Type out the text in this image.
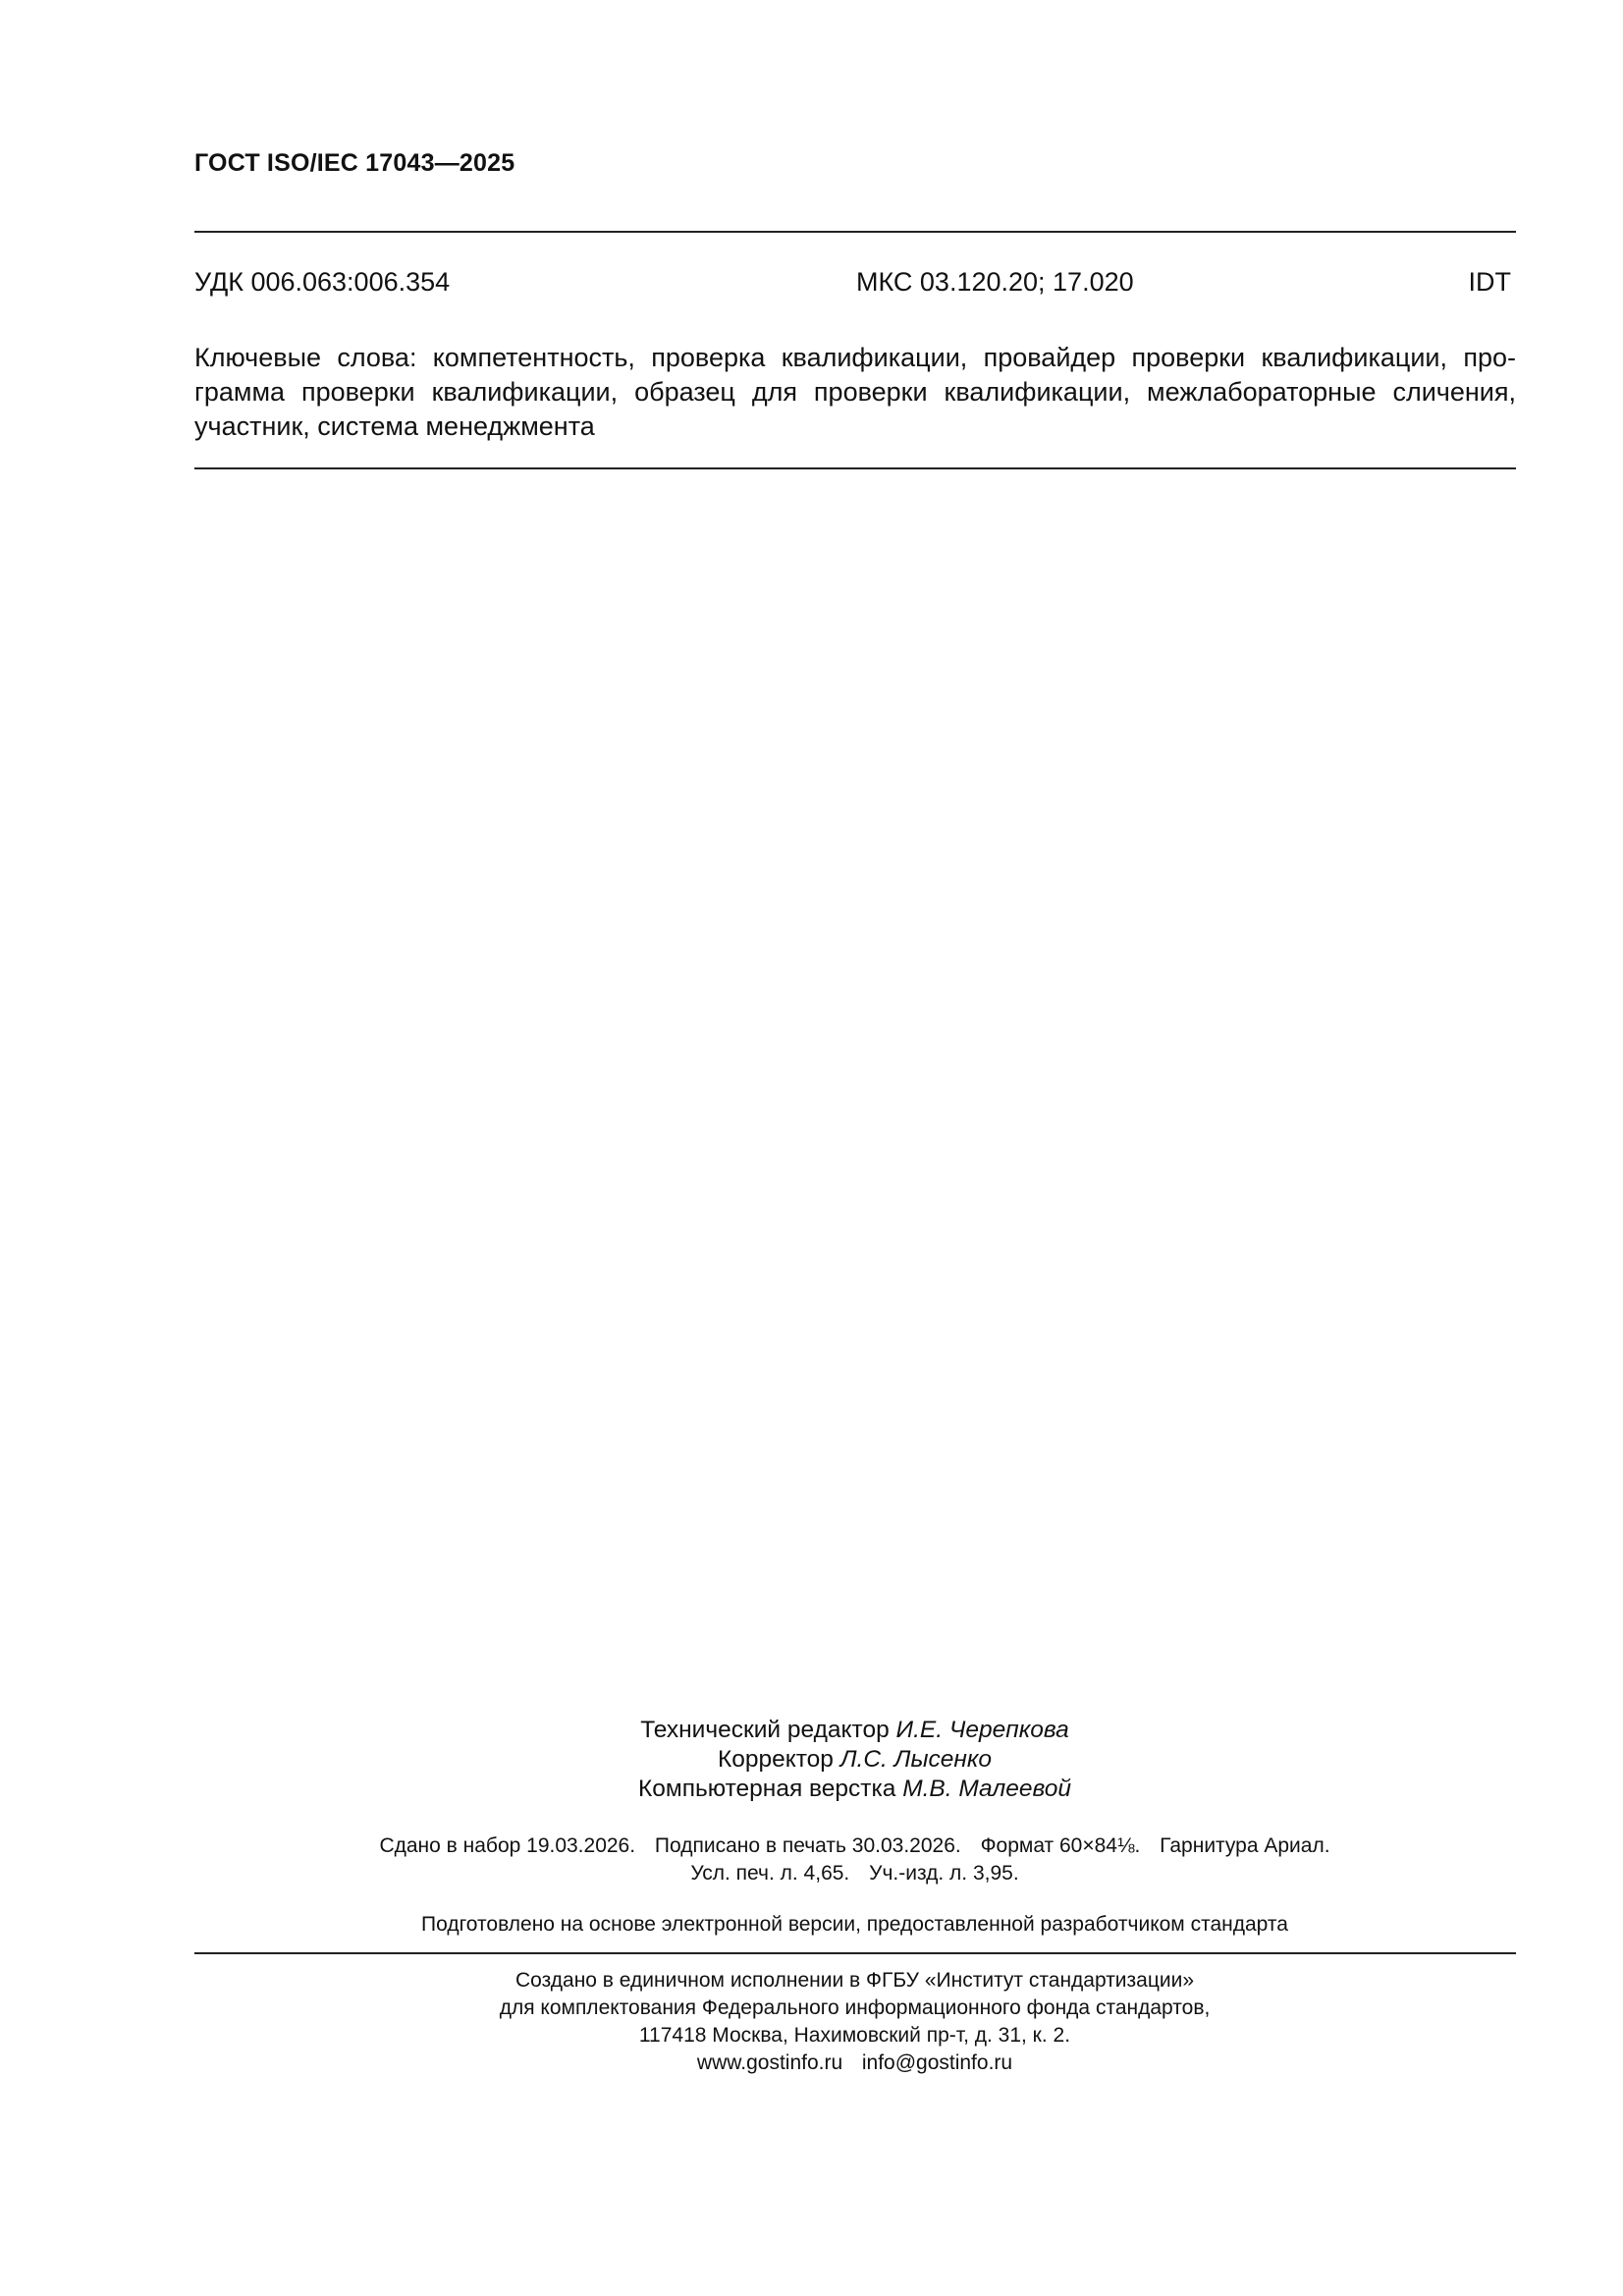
ГОСТ ISO/IEC 17043—2025
УДК 006.063:006.354	МКС 03.120.20; 17.020	IDT
Ключевые слова: компетентность, проверка квалификации, провайдер проверки квалификации, про-
грамма проверки квалификации, образец для проверки квалификации, межлабораторные сличения,
участник, система менеджмента
Технический редактор И.Е. Черепкова
Корректор Л.С. Лысенко
Компьютерная верстка М.В. Малеевой
Сдано в набор 19.03.2026. Подписано в печать 30.03.2026. Формат 60×84⅛. Гарнитура Ариал.
Усл. печ. л. 4,65. Уч.-изд. л. 3,95.
Подготовлено на основе электронной версии, предоставленной разработчиком стандарта
Создано в единичном исполнении в ФГБУ «Институт стандартизации»
для комплектования Федерального информационного фонда стандартов,
117418 Москва, Нахимовский пр-т, д. 31, к. 2.
www.gostinfo.ru info@gostinfo.ru
